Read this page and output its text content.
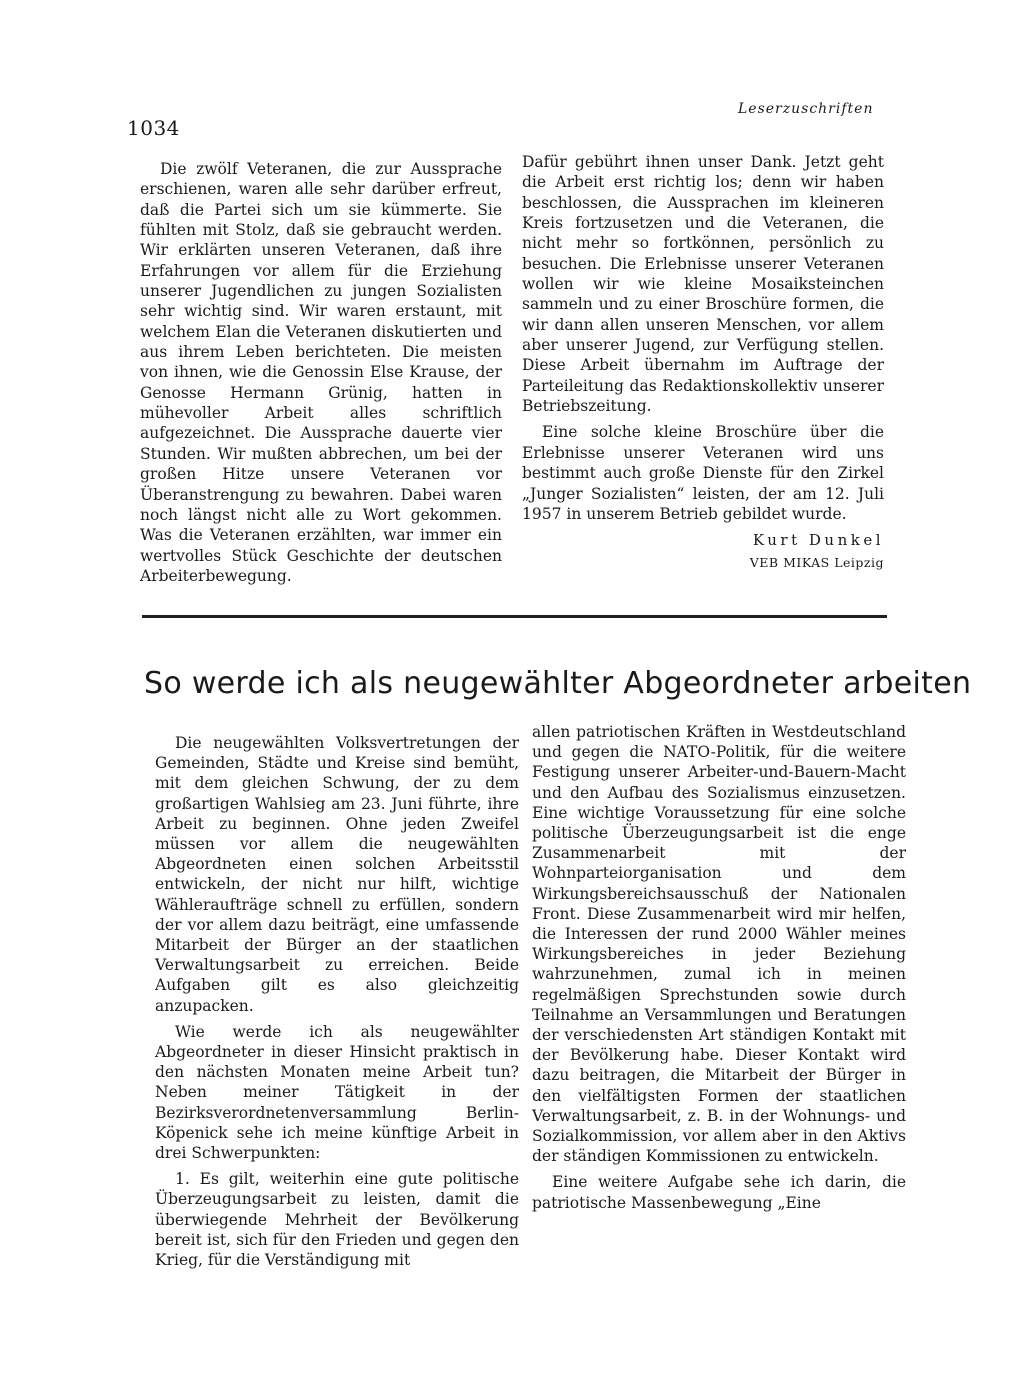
1034
Leserzuschriften

Die zwölf Veteranen, die zur Aussprache erschienen, waren alle sehr darüber erfreut, daß die Partei sich um sie kümmerte. Sie fühlten mit Stolz, daß sie gebraucht werden. Wir erklärten unseren Veteranen, daß ihre Erfahrungen vor allem für die Erziehung unserer Jugendlichen zu jungen Sozialisten sehr wichtig sind. Wir waren erstaunt, mit welchem Elan die Veteranen diskutierten und aus ihrem Leben berichteten. Die meisten von ihnen, wie die Genossin Else Krause, der Genosse Hermann Grünig, hatten in mühevoller Arbeit alles schriftlich aufgezeichnet. Die Aussprache dauerte vier Stunden. Wir mußten abbrechen, um bei der großen Hitze unsere Veteranen vor Überanstrengung zu bewahren. Dabei waren noch längst nicht alle zu Wort gekommen. Was die Veteranen erzählten, war immer ein wertvolles Stück Geschichte der deutschen Arbeiterbewegung.

Dafür gebührt ihnen unser Dank. Jetzt geht die Arbeit erst richtig los; denn wir haben beschlossen, die Aussprachen im kleineren Kreis fortzusetzen und die Veteranen, die nicht mehr so fortkönnen, persönlich zu besuchen. Die Erlebnisse unserer Veteranen wollen wir wie kleine Mosaiksteinchen sammeln und zu einer Broschüre formen, die wir dann allen unseren Menschen, vor allem aber unserer Jugend, zur Verfügung stellen. Diese Arbeit übernahm im Auftrage der Parteileitung das Redaktionskollektiv unserer Betriebszeitung.

Eine solche kleine Broschüre über die Erlebnisse unserer Veteranen wird uns bestimmt auch große Dienste für den Zirkel „Junger Sozialisten“ leisten, der am 12. Juli 1957 in unserem Betrieb gebildet wurde.

Kurt Dunkel
VEB MIKAS Leipzig
So werde ich als neugewählter Abgeordneter arbeiten

Die neugewählten Volksvertretungen der Gemeinden, Städte und Kreise sind bemüht, mit dem gleichen Schwung, der zu dem großartigen Wahlsieg am 23. Juni führte, ihre Arbeit zu beginnen. Ohne jeden Zweifel müssen vor allem die neugewählten Abgeordneten einen solchen Arbeitsstil entwickeln, der nicht nur hilft, wichtige Wähleraufträge schnell zu erfüllen, sondern der vor allem dazu beiträgt, eine umfassende Mitarbeit der Bürger an der staatlichen Verwaltungsarbeit zu erreichen. Beide Aufgaben gilt es also gleichzeitig anzupacken.

Wie werde ich als neugewählter Abgeordneter in dieser Hinsicht praktisch in den nächsten Monaten meine Arbeit tun? Neben meiner Tätigkeit in der Bezirksverordnetenversammlung Berlin-Köpenick sehe ich meine künftige Arbeit in drei Schwerpunkten:

1. Es gilt, weiterhin eine gute politische Überzeugungsarbeit zu leisten, damit die überwiegende Mehrheit der Bevölkerung bereit ist, sich für den Frieden und gegen den Krieg, für die Verständigung mit

allen patriotischen Kräften in Westdeutschland und gegen die NATO-Politik, für die weitere Festigung unserer Arbeiter-und-Bauern-Macht und den Aufbau des Sozialismus einzusetzen. Eine wichtige Voraussetzung für eine solche politische Überzeugungsarbeit ist die enge Zusammenarbeit mit der Wohnparteiorganisation und dem Wirkungsbereichsausschuß der Nationalen Front. Diese Zusammenarbeit wird mir helfen, die Interessen der rund 2000 Wähler meines Wirkungsbereiches in jeder Beziehung wahrzunehmen, zumal ich in meinen regelmäßigen Sprechstunden sowie durch Teilnahme an Versammlungen und Beratungen der verschiedensten Art ständigen Kontakt mit der Bevölkerung habe. Dieser Kontakt wird dazu beitragen, die Mitarbeit der Bürger in den vielfältigsten Formen der staatlichen Verwaltungsarbeit, z. B. in der Wohnungs- und Sozialkommission, vor allem aber in den Aktivs der ständigen Kommissionen zu entwickeln.

Eine weitere Aufgabe sehe ich darin, die patriotische Massenbewegung „Eine
